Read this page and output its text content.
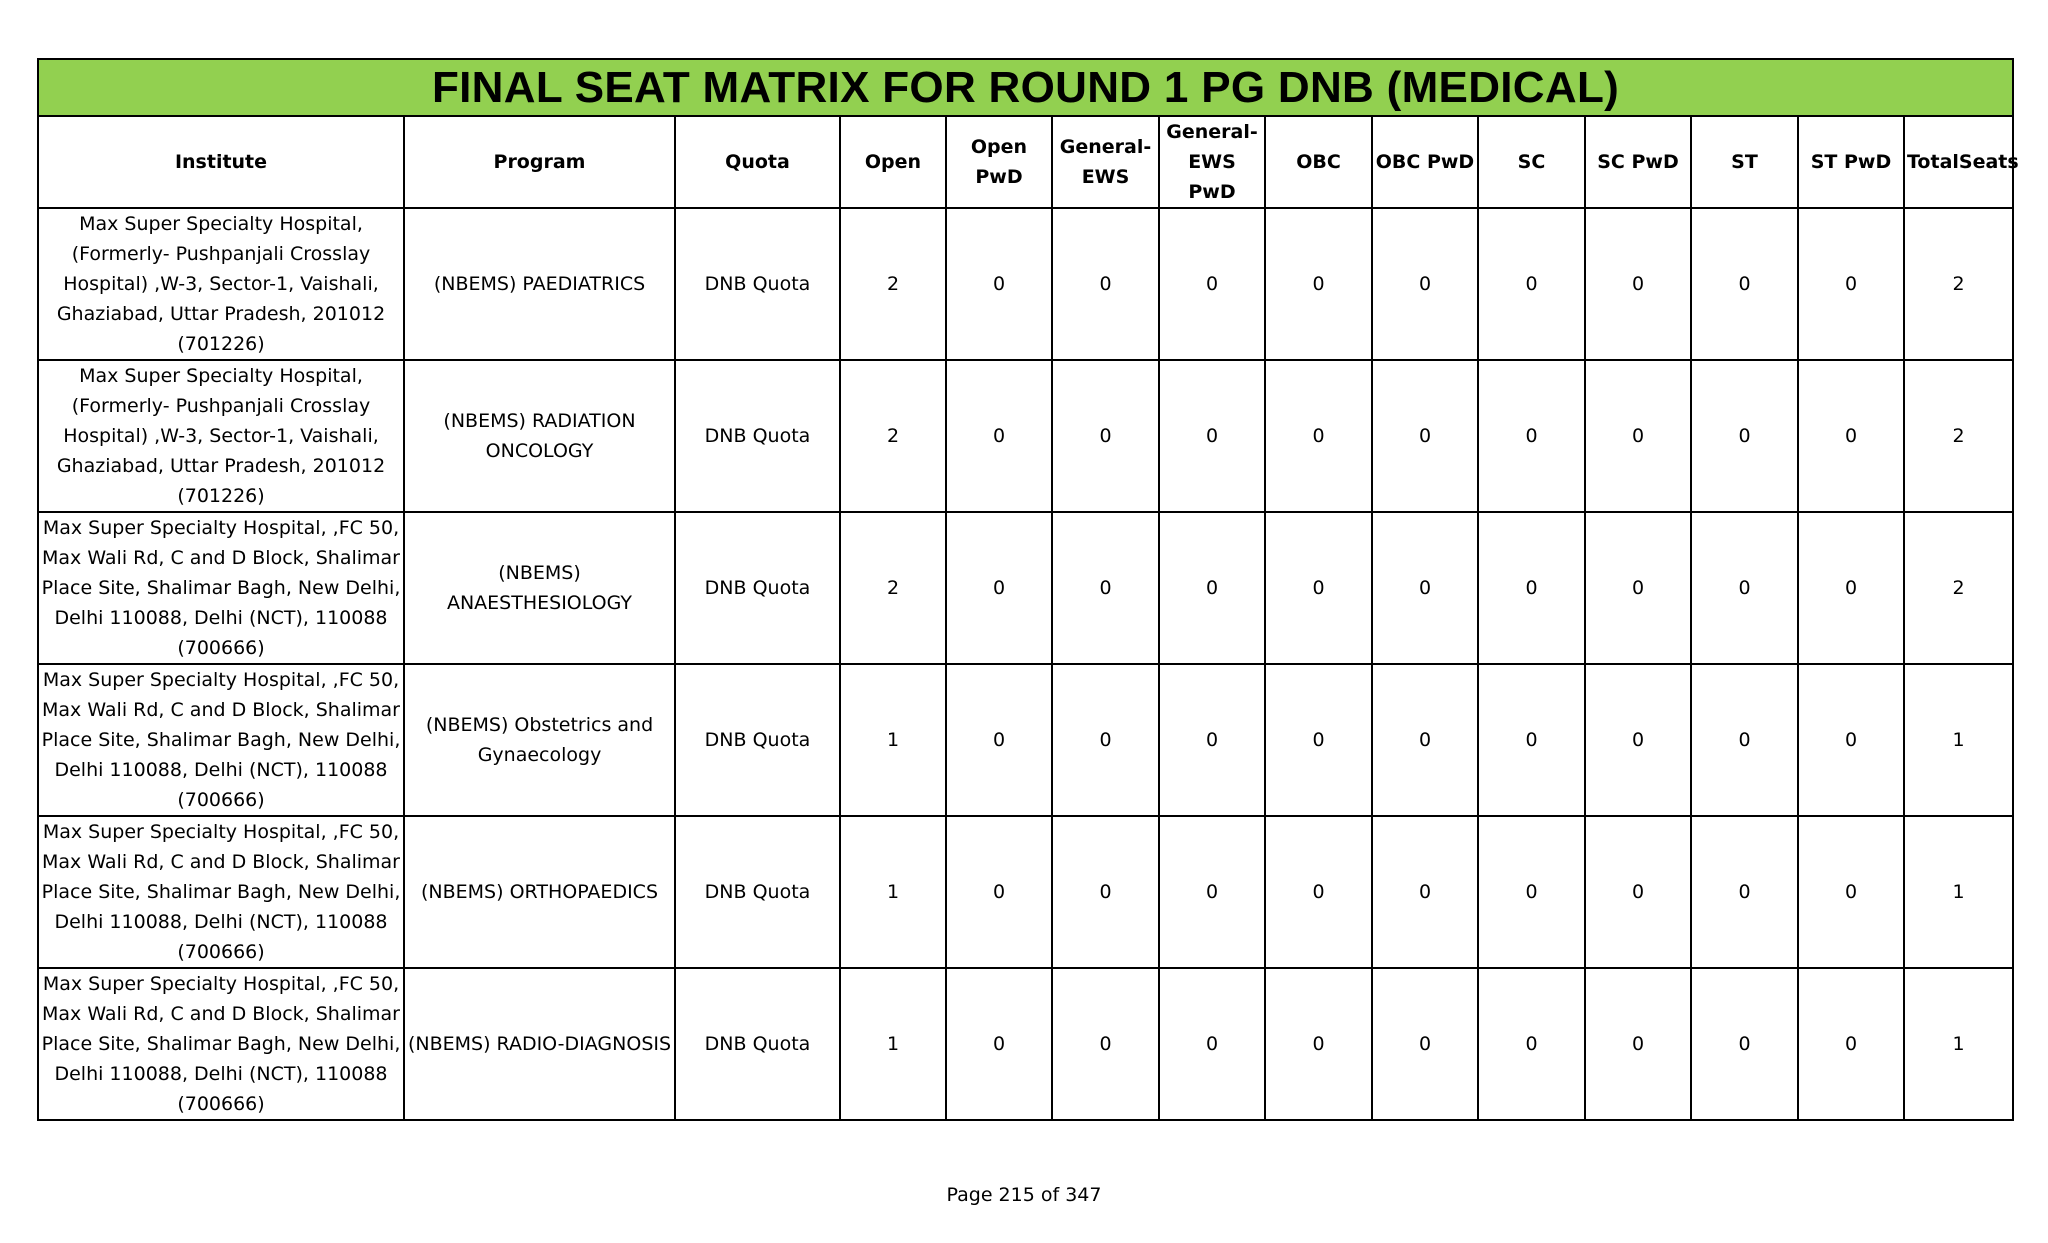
FINAL SEAT MATRIX FOR ROUND 1 PG DNB (MEDICAL)													
Institute	Program	Quota	Open	Open PwD	General-EWS	General-EWS PwD	OBC	OBC PwD	SC	SC PwD	ST	ST PwD	TotalSeats
Max Super Specialty Hospital, (Formerly- Pushpanjali Crosslay Hospital) ,W-3, Sector-1, Vaishali, Ghaziabad, Uttar Pradesh, 201012 (701226)	(NBEMS) PAEDIATRICS	DNB Quota	2	0	0	0	0	0	0	0	0	0	2
Max Super Specialty Hospital, (Formerly- Pushpanjali Crosslay Hospital) ,W-3, Sector-1, Vaishali, Ghaziabad, Uttar Pradesh, 201012 (701226)	(NBEMS) RADIATION ONCOLOGY	DNB Quota	2	0	0	0	0	0	0	0	0	0	2
Max Super Specialty Hospital, ,FC 50, Max Wali Rd, C and D Block, Shalimar Place Site, Shalimar Bagh, New Delhi, Delhi 110088, Delhi (NCT), 110088 (700666)	(NBEMS) ANAESTHESIOLOGY	DNB Quota	2	0	0	0	0	0	0	0	0	0	2
Max Super Specialty Hospital, ,FC 50, Max Wali Rd, C and D Block, Shalimar Place Site, Shalimar Bagh, New Delhi, Delhi 110088, Delhi (NCT), 110088 (700666)	(NBEMS) Obstetrics and Gynaecology	DNB Quota	1	0	0	0	0	0	0	0	0	0	1
Max Super Specialty Hospital, ,FC 50, Max Wali Rd, C and D Block, Shalimar Place Site, Shalimar Bagh, New Delhi, Delhi 110088, Delhi (NCT), 110088 (700666)	(NBEMS) ORTHOPAEDICS	DNB Quota	1	0	0	0	0	0	0	0	0	0	1
Max Super Specialty Hospital, ,FC 50, Max Wali Rd, C and D Block, Shalimar Place Site, Shalimar Bagh, New Delhi, Delhi 110088, Delhi (NCT), 110088 (700666)	(NBEMS) RADIO-DIAGNOSIS	DNB Quota	1	0	0	0	0	0	0	0	0	0	1
Page 215 of 347
